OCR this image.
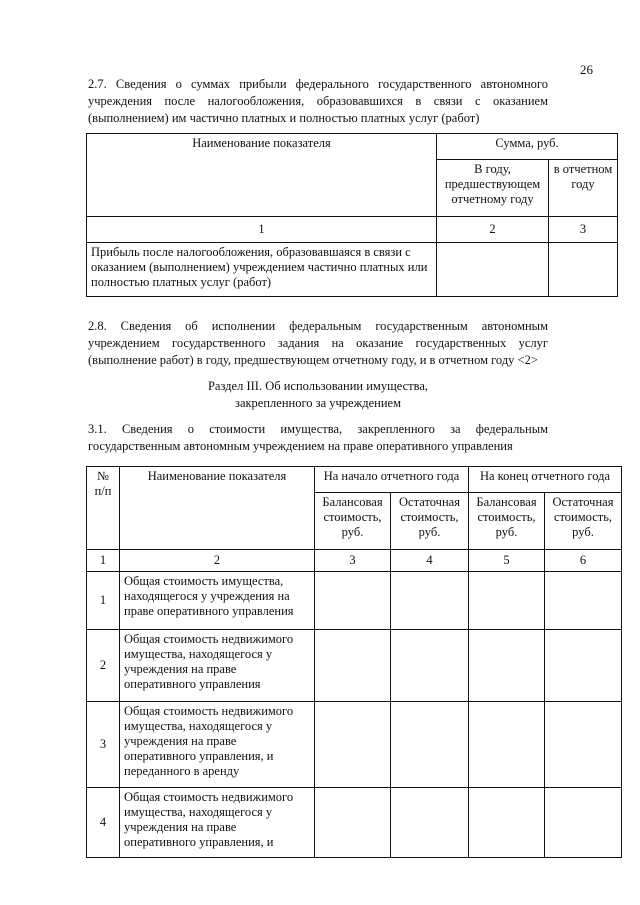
26
2.7. Сведения о суммах прибыли федерального государственного автономного
учреждения после налогообложения, образовавшихся в связи с оказанием
(выполнением) им частично платных и полностью платных услуг (работ)
Наименование показателя	Сумма, руб.	
	В году, предшествующем отчетному году	в отчетном году
1	2	3
Прибыль после налогообложения, образовавшаяся в связи с оказанием (выполнением) учреждением частично платных или полностью платных услуг (работ)		
2.8. Сведения об исполнении федеральным государственным автономным
учреждением государственного задания на оказание государственных услуг
(выполнение работ) в году, предшествующем отчетному году, и в отчетном году <2>
Раздел III. Об использовании имущества,
закрепленного за учреждением
3.1. Сведения о стоимости имущества, закрепленного за федеральным
государственным автономным учреждением на праве оперативного управления
№ п/п	Наименование показателя	На начало отчетного года		На конец отчетного года	
		Балансовая стоимость, руб.	Остаточная стоимость, руб.	Балансовая стоимость, руб.	Остаточная стоимость, руб.
1	2	3	4	5	6
1	Общая стоимость имущества, находящегося у учреждения на праве оперативного управления				
2	Общая стоимость недвижимого имущества, находящегося у учреждения на праве оперативного управления				
3	Общая стоимость недвижимого имущества, находящегося у учреждения на праве оперативного управления, и переданного в аренду				
4	Общая стоимость недвижимого имущества, находящегося у учреждения на праве оперативного управления, и				
